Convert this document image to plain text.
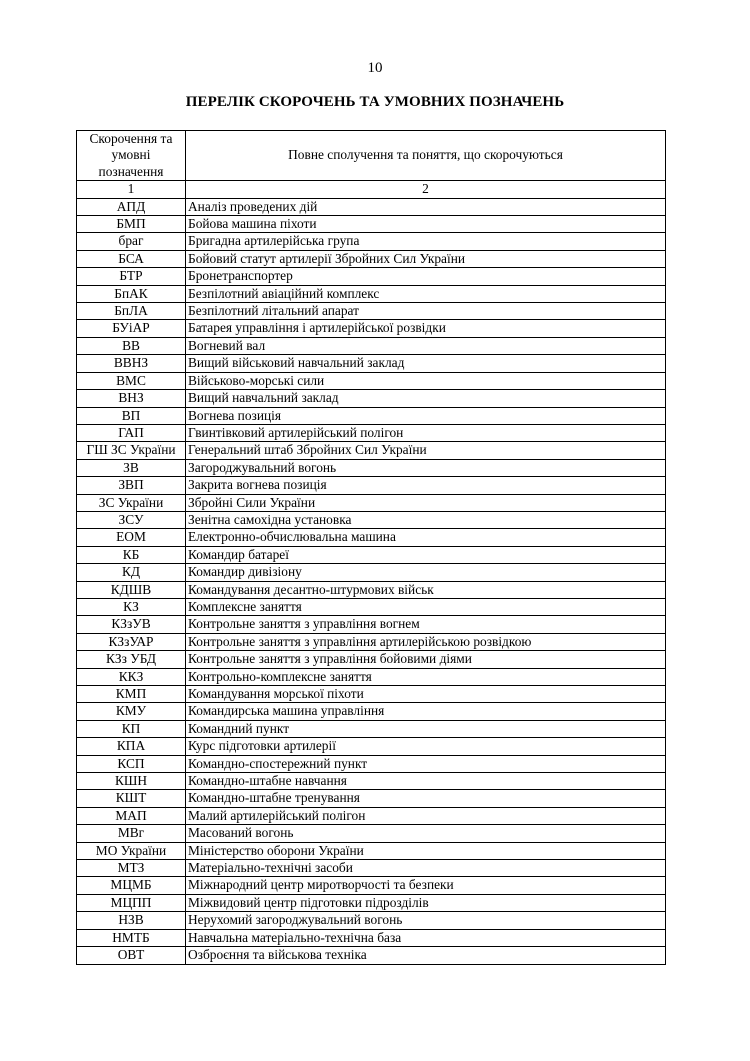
10
ПЕРЕЛІК СКОРОЧЕНЬ ТА УМОВНИХ ПОЗНАЧЕНЬ
Скорочення та
умовні
позначення	Повне сполучення та поняття, що скорочуються
1	2
АПД	Аналіз проведених дій
БМП	Бойова машина піхоти
браг	Бригадна артилерійська група
БСА	Бойовий статут артилерії Збройних Сил України
БТР	Бронетранспортер
БпАК	Безпілотний авіаційний комплекс
БпЛА	Безпілотний літальний апарат
БУіАР	Батарея управління і артилерійської розвідки
ВВ	Вогневий вал
ВВНЗ	Вищий військовий навчальний заклад
ВМС	Військово-морські сили
ВНЗ	Вищий навчальний заклад
ВП	Вогнева позиція
ГАП	Гвинтівковий артилерійський полігон
ГШ ЗС України	Генеральний штаб Збройних Сил України
ЗВ	Загороджувальний вогонь
ЗВП	Закрита вогнева позиція
ЗС України	Збройні Сили України
ЗСУ	Зенітна самохідна установка
ЕОМ	Електронно-обчислювальна машина
КБ	Командир батареї
КД	Командир дивізіону
КДШВ	Командування десантно-штурмових військ
КЗ	Комплексне заняття
КЗзУВ	Контрольне заняття з управління вогнем
КЗзУАР	Контрольне заняття з управління артилерійською розвідкою
КЗз УБД	Контрольне заняття з управління бойовими діями
ККЗ	Контрольно-комплексне заняття
КМП	Командування морської піхоти
КМУ	Командирська машина управління
КП	Командний пункт
КПА	Курс підготовки артилерії
КСП	Командно-спостережний пункт
КШН	Командно-штабне навчання
КШТ	Командно-штабне тренування
МАП	Малий артилерійський полігон
МВг	Масований вогонь
МО України	Міністерство оборони України
МТЗ	Матеріально-технічні засоби
МЦМБ	Міжнародний центр миротворчості та безпеки
МЦПП	Міжвидовий центр підготовки підрозділів
НЗВ	Нерухомий загороджувальний вогонь
НМТБ	Навчальна матеріально-технічна база
ОВТ	Озброєння та військова техніка
